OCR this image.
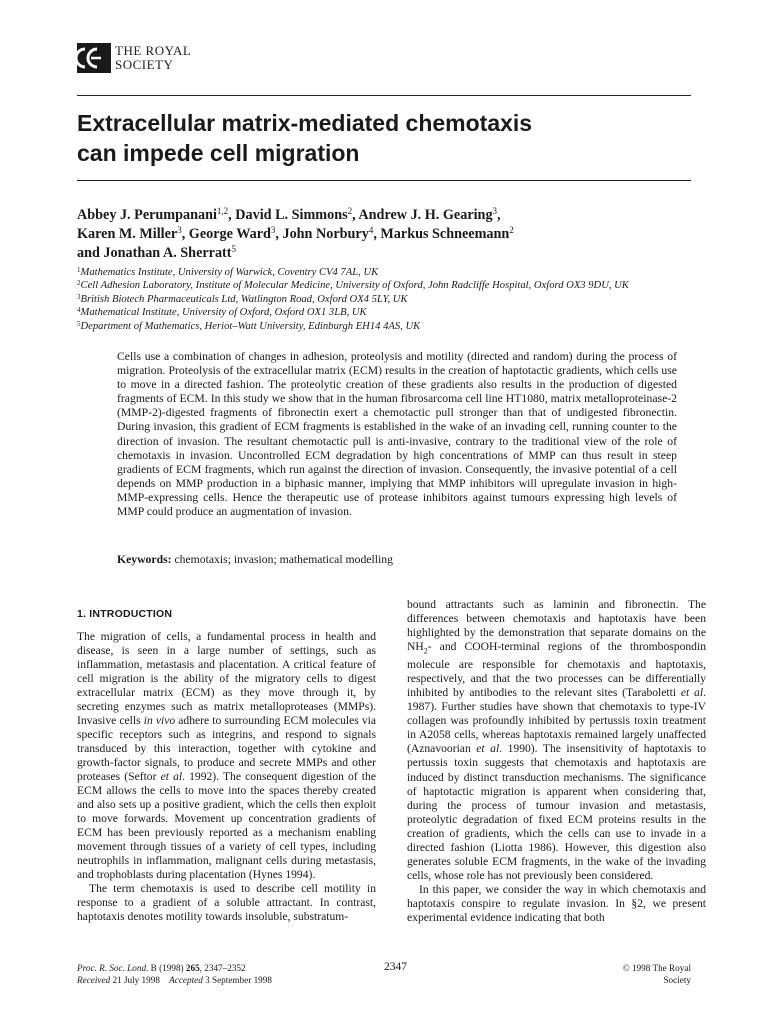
THE ROYAL
SOCIETY
Extracellular matrix-mediated chemotaxis
can impede cell migration
Abbey J. Perumpanani$^{1,2}$, David L. Simmons$^2$, Andrew J. H. Gearing$^3$,
Karen M. Miller$^3$, George Ward$^3$, John Norbury$^4$, Markus Schneemann$^2$
and Jonathan A. Sherratt$^5$
$^1$Mathematics Institute, University of Warwick, Coventry CV4 7AL, UK
$^2$Cell Adhesion Laboratory, Institute of Molecular Medicine, University of Oxford, John Radcliffe Hospital, Oxford OX3 9DU, UK
$^3$British Biotech Pharmaceuticals Ltd, Watlington Road, Oxford OX4 5LY, UK
$^4$Mathematical Institute, University of Oxford, Oxford OX1 3LB, UK
$^5$Department of Mathematics, Heriot–Watt University, Edinburgh EH14 4AS, UK

Cells use a combination of changes in adhesion, proteolysis and motility (directed and random) during the process of migration. Proteolysis of the extracellular matrix (ECM) results in the creation of haptotactic gradients, which cells use to move in a directed fashion. The proteolytic creation of these gradients also results in the production of digested fragments of ECM. In this study we show that in the human fibrosarcoma cell line HT1080, matrix metalloproteinase-2 (MMP-2)-digested fragments of fibronectin exert a chemotactic pull stronger than that of undigested fibronectin. During invasion, this gradient of ECM fragments is established in the wake of an invading cell, running counter to the direction of invasion. The resultant chemotactic pull is anti-invasive, contrary to the traditional view of the role of chemotaxis in invasion. Uncontrolled ECM degradation by high concentrations of MMP can thus result in steep gradients of ECM fragments, which run against the direction of invasion. Consequently, the invasive potential of a cell depends on MMP production in a biphasic manner, implying that MMP inhibitors will upregulate invasion in high-MMP-expressing cells. Hence the therapeutic use of protease inhibitors against tumours expressing high levels of MMP could produce an augmentation of invasion.

Keywords: chemotaxis; invasion; mathematical modelling
1. INTRODUCTION

The migration of cells, a fundamental process in health and disease, is seen in a large number of settings, such as inflammation, metastasis and placentation. A critical feature of cell migration is the ability of the migratory cells to digest extracellular matrix (ECM) as they move through it, by secreting enzymes such as matrix metalloproteases (MMPs). Invasive cells in vivo adhere to surrounding ECM molecules via specific receptors such as integrins, and respond to signals transduced by this interaction, together with cytokine and growth-factor signals, to produce and secrete MMPs and other proteases (Seftor et al. 1992). The consequent digestion of the ECM allows the cells to move into the spaces thereby created and also sets up a positive gradient, which the cells then exploit to move forwards. Movement up concentration gradients of ECM has been previously reported as a mechanism enabling movement through tissues of a variety of cell types, including neutrophils in inflammation, malignant cells during metastasis, and trophoblasts during placentation (Hynes 1994).

The term chemotaxis is used to describe cell motility in response to a gradient of a soluble attractant. In contrast, haptotaxis denotes motility towards insoluble, substratum-

bound attractants such as laminin and fibronectin. The differences between chemotaxis and haptotaxis have been highlighted by the demonstration that separate domains on the $NH_2-$ and COOH-terminal regions of the thrombospondin molecule are responsible for chemotaxis and haptotaxis, respectively, and that the two processes can be differentially inhibited by antibodies to the relevant sites (Taraboletti et al. 1987). Further studies have shown that chemotaxis to type-IV collagen was profoundly inhibited by pertussis toxin treatment in A2058 cells, whereas haptotaxis remained largely unaffected (Aznavoorian et al. 1990). The insensitivity of haptotaxis to pertussis toxin suggests that chemotaxis and haptotaxis are induced by distinct transduction mechanisms. The significance of haptotactic migration is apparent when considering that, during the process of tumour invasion and metastasis, proteolytic degradation of fixed ECM proteins results in the creation of gradients, which the cells can use to invade in a directed fashion (Liotta 1986). However, this digestion also generates soluble ECM fragments, in the wake of the invading cells, whose role has not previously been considered.

In this paper, we consider the way in which chemotaxis and haptotaxis conspire to regulate invasion. In §2, we present experimental evidence indicating that both

Proc. R. Soc. Lond. B (1998) 265, 2347–2352
Received 21 July 1998    Accepted 3 September 1998
2347	© 1998 The Royal Society
